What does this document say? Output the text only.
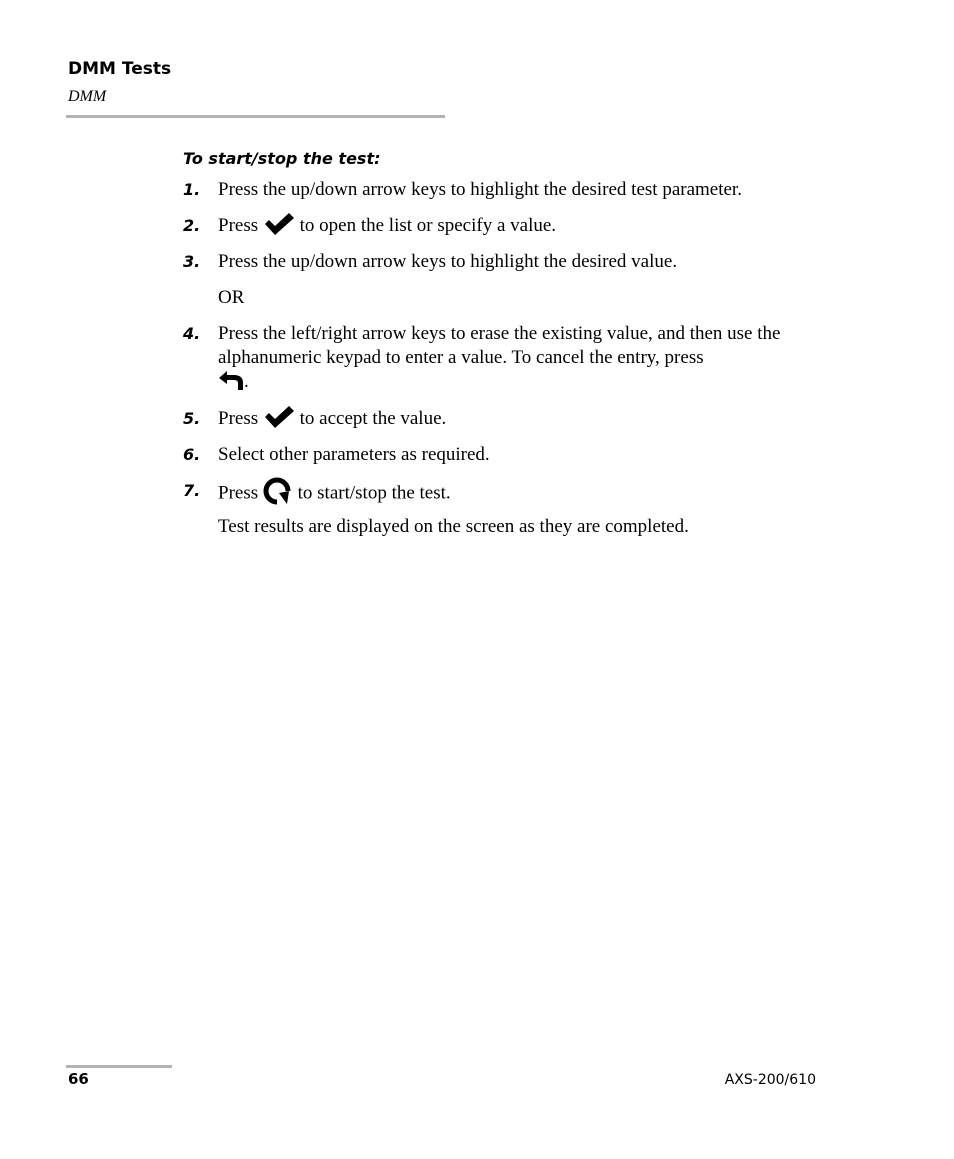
DMM Tests
DMM
To start/stop the test:
1. Press the up/down arrow keys to highlight the desired test parameter.
2. Press to open the list or specify a value.
3. Press the up/down arrow keys to highlight the desired value.
OR
4. Press the left/right arrow keys to erase the existing value, and then use the alphanumeric keypad to enter a value. To cancel the entry, press

.
5. Press to accept the value.
6. Select other parameters as required.
7. Press to start/stop the test.
Test results are displayed on the screen as they are completed.
66	AXS-200/610
